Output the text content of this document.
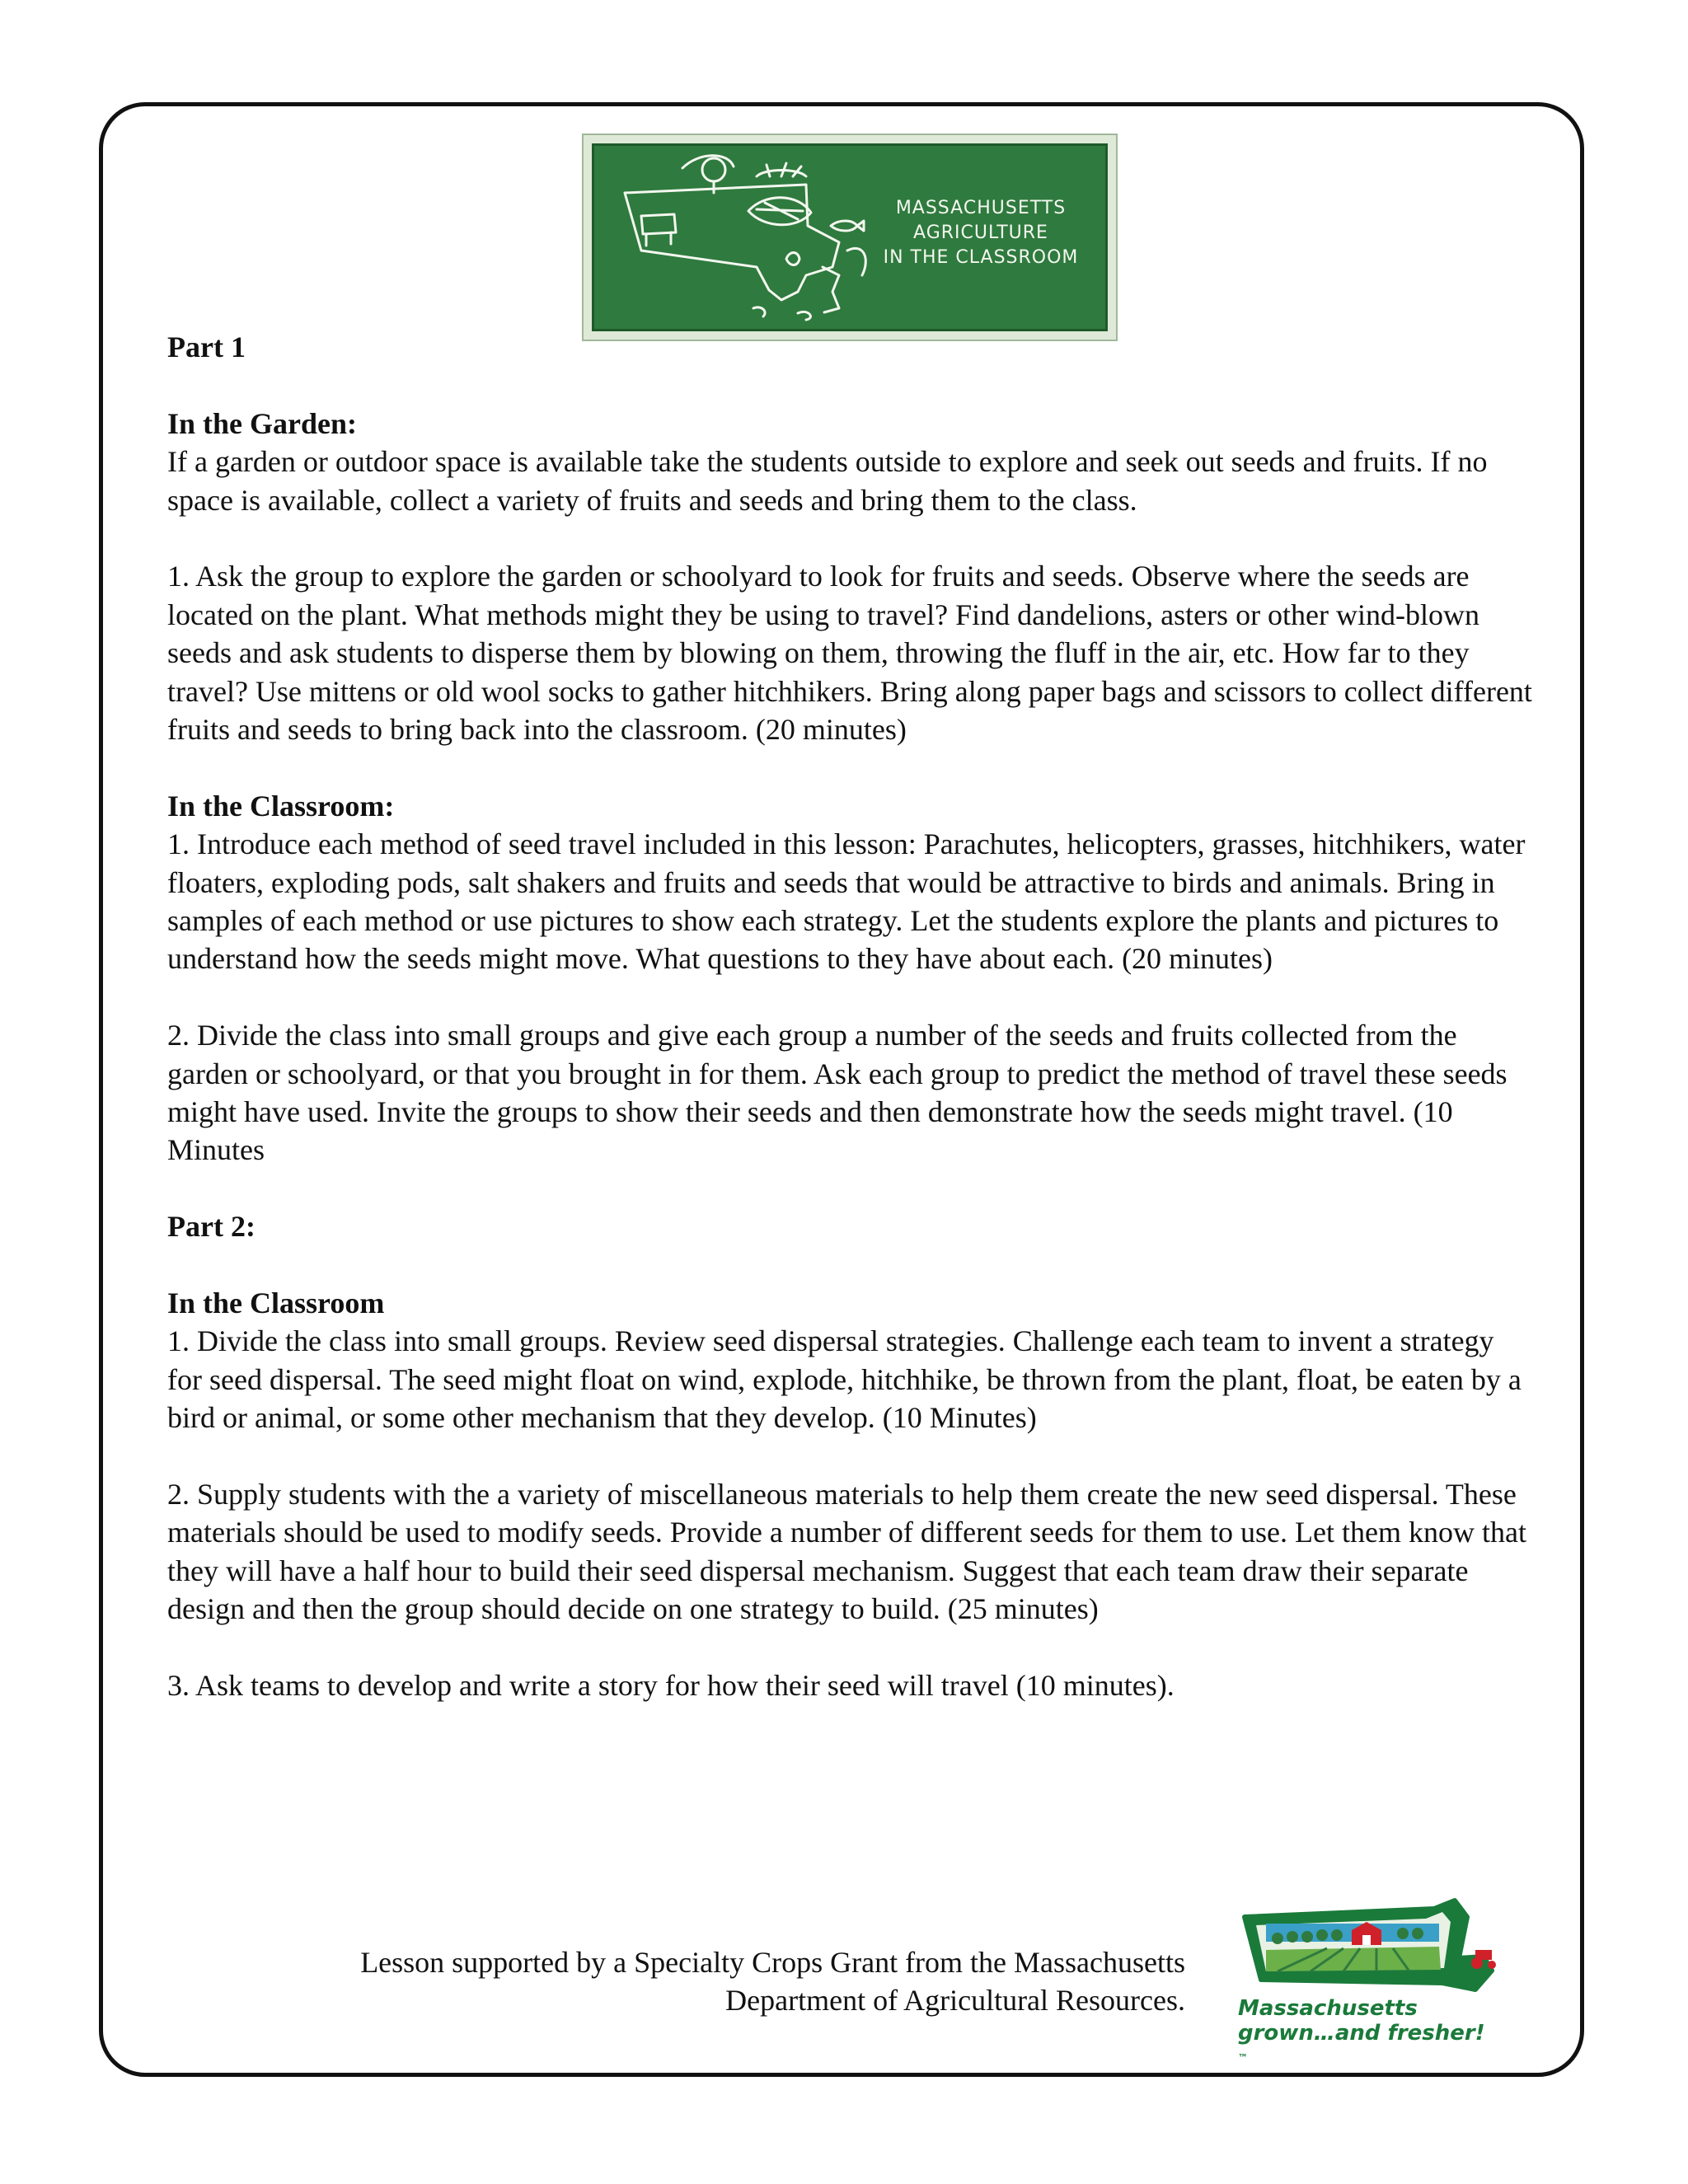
MASSACHUSETTS
AGRICULTURE
IN THE CLASSROOM
Part 1
In the Garden:

If a garden or outdoor space is available take the students outside to explore and seek out seeds and fruits. If no space is available, collect a variety of fruits and seeds and bring them to the class.

1. Ask the group to explore the garden or schoolyard to look for fruits and seeds. Observe where the seeds are located on the plant. What methods might they be using to travel? Find dandelions, asters or other wind-blown seeds and ask students to disperse them by blowing on them, throwing the fluff in the air, etc. How far to they travel? Use mittens or old wool socks to gather hitchhikers. Bring along paper bags and scissors to collect different fruits and seeds to bring back into the classroom. (20 minutes)

In the Classroom:

1. Introduce each method of seed travel included in this lesson: Parachutes, helicopters, grasses, hitchhikers, water floaters, exploding pods, salt shakers and fruits and seeds that would be attractive to birds and animals. Bring in samples of each method or use pictures to show each strategy. Let the students explore the plants and pictures to understand how the seeds might move. What questions to they have about each. (20 minutes)

2. Divide the class into small groups and give each group a number of the seeds and fruits collected from the garden or schoolyard, or that you brought in for them. Ask each group to predict the method of travel these seeds might have used. Invite the groups to show their seeds and then demonstrate how the seeds might travel. (10 Minutes

Part 2:
In the Classroom

1. Divide the class into small groups. Review seed dispersal strategies. Challenge each team to invent a strategy for seed dispersal. The seed might float on wind, explode, hitchhike, be thrown from the plant, float, be eaten by a bird or animal, or some other mechanism that they develop. (10 Minutes)

2. Supply students with the a variety of miscellaneous materials to help them create the new seed dispersal. These materials should be used to modify seeds. Provide a number of different seeds for them to use. Let them know that they will have a half hour to build their seed dispersal mechanism. Suggest that each team draw their separate design and then the group should decide on one strategy to build. (25 minutes)

3. Ask teams to develop and write a story for how their seed will travel (10 minutes).

Lesson supported by a Specialty Crops Grant from the Massachusetts
Department of Agricultural Resources. Massachusetts
grown…and fresher!
™
